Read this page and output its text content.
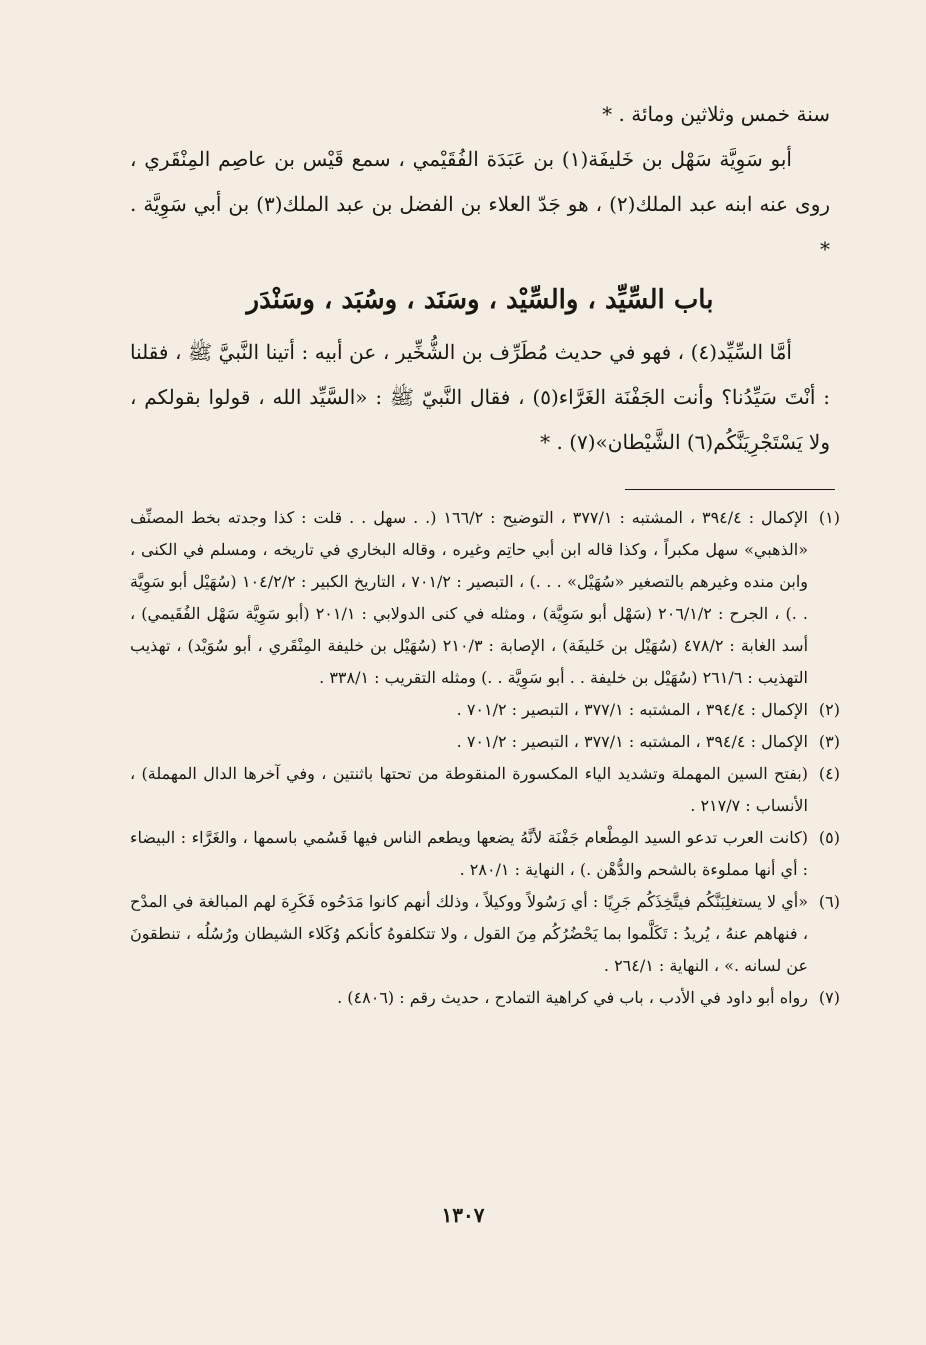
سنة خمس وثلاثين ومائة . *

أبو سَوِيَّة سَهْل بن خَليفَة(١) بن عَبَدَة الفُقَيْمي ، سمع قَيْس بن عاصِم المِنْقَري ، روى عنه ابنه عبد الملك(٢) ، هو جَدّ العلاء بن الفضل بن عبد الملك(٣) بن أبي سَوِيَّة . *

باب السِّيِّد ، والسِّيْد ، وسَنَد ، وسُبَد ، وسَنْدَر

أمَّا السِّيِّد(٤) ، فهو في حديث مُطَرِّف بن الشُّخِّير ، عن أبيه : أتينا النَّبيَّ ﷺ ، فقلنا : أنْتَ سَيِّدُنا؟ وأنت الجَفْنَة الغَرَّاء(٥) ، فقال النَّبيّ ﷺ : «السَّيِّد الله ، قولوا بقولكم ، ولا يَسْتَجْرِيَنَّكُم(٦) الشَّيْطان»(٧) . *

(١)
الإكمال : ٣٩٤/٤ ، المشتبه : ٣٧٧/١ ، التوضيح : ١٦٦/٢ (. . سهل . . قلت : كذا وجدته بخط المصنِّف «الذهبي» سهل مكبراً ، وكذا قاله ابن أبي حاتِم وغيره ، وقاله البخاري في تاريخه ، ومسلم في الكنى ، وابن منده وغيرهم بالتصغير «سُهَيْل» . . .) ، التبصير : ٧٠١/٢ ، التاريخ الكبير : ١٠٤/٢/٢ (سُهَيْل أبو سَوِيَّة . .) ، الجرح : ٢٠٦/١/٢ (سَهْل أبو سَوِيَّة) ، ومثله في كنى الدولابي : ٢٠١/١ (أبو سَوِيَّة سَهْل الفُقَيمي) ، أسد الغابة : ٤٧٨/٢ (سُهَيْل بن خَليفَة) ، الإصابة : ٢١٠/٣ (سُهَيْل بن خليفة المِنْقَري ، أبو سُوَيْد) ، تهذيب التهذيب : ٢٦١/٦ (سُهَيْل بن خليفة . . أبو سَوِيَّة . .) ومثله التقريب : ٣٣٨/١ .
(٢)
الإكمال : ٣٩٤/٤ ، المشتبه : ٣٧٧/١ ، التبصير : ٧٠١/٢ .
(٣)
الإكمال : ٣٩٤/٤ ، المشتبه : ٣٧٧/١ ، التبصير : ٧٠١/٢ .
(٤)
(بفتح السين المهملة وتشديد الياء المكسورة المنقوطة من تحتها باثنتين ، وفي آخرها الدال المهملة) ، الأنساب : ٢١٧/٧ .
(٥)
(كانت العرب تدعو السيد المِطْعام جَفْنَة لأنَّهُ يضعها ويطعم الناس فيها فَسُمي باسمها ، والغَرَّاء : البيضاء : أي أنها مملوءة بالشحم والدُّهْن .) ، النهاية : ٢٨٠/١ .
(٦)
«أي لا يستغلِبَنَّكُم فيتَّخِذَكُم جَرِيًا : أي رَسُولاً ووكيلاً ، وذلك أنهم كانوا مَدَحُوه فَكَرِهَ لهم المبالغة في المدْح ، فنهاهم عنهُ ، يُريدُ : تَكَلَّموا بما يَحْضُرُكُم مِنَ القول ، ولا تتكلفوهُ كأنكم وُكَلاء الشيطان ورُسُلُه ، تنطقونَ عن لسانه .» ، النهاية : ٢٦٤/١ .
(٧)
رواه أبو داود في الأدب ، باب في كراهية التمادح ، حديث رقم : (٤٨٠٦) .
١٣٠٧
